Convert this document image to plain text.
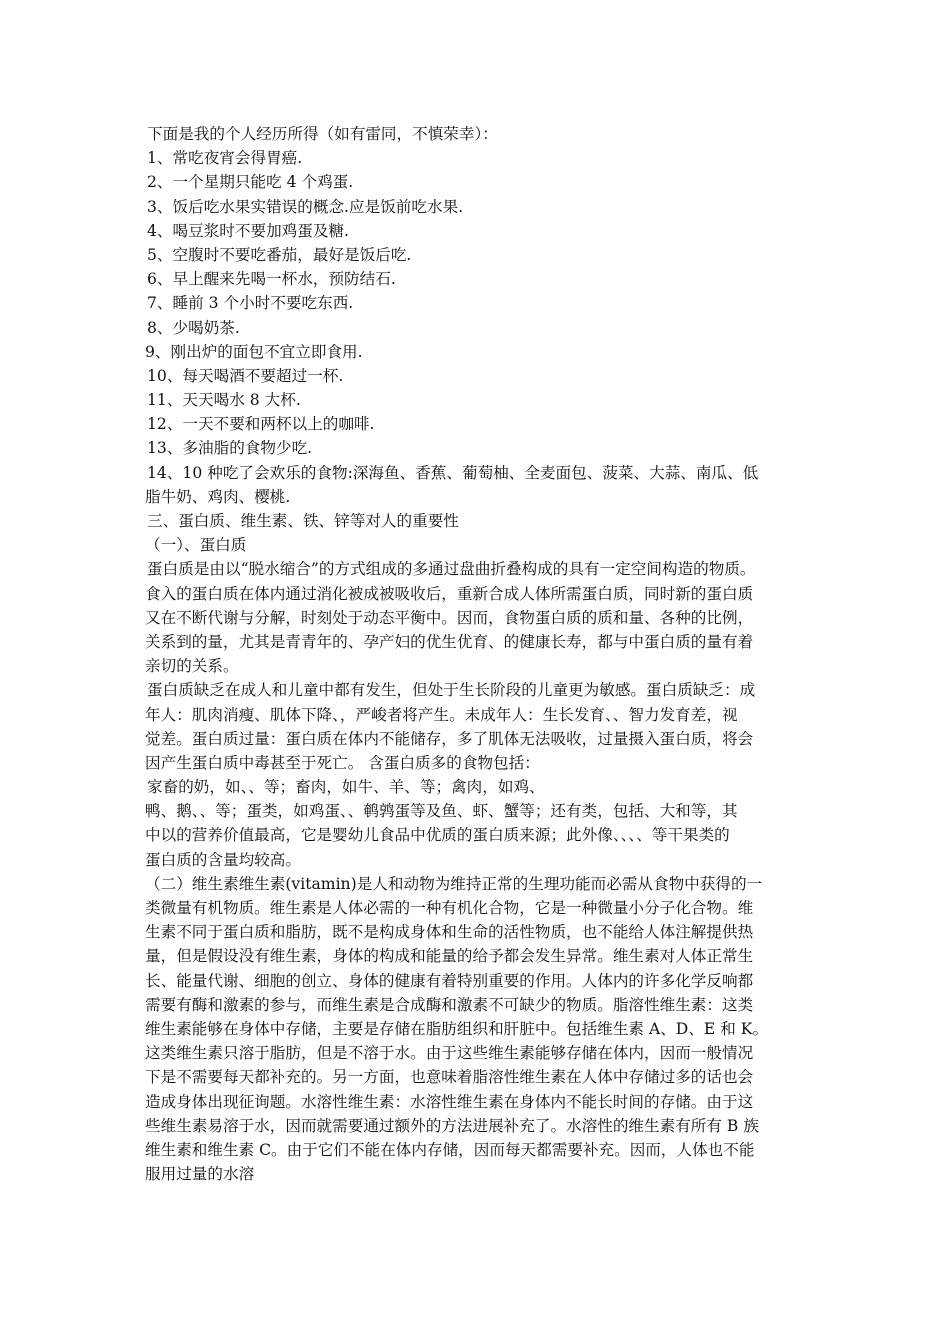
下面是我的个人经历所得（如有雷同，不慎荣幸）：
1、常吃夜宵会得胃癌.
2、一个星期只能吃 4 个鸡蛋.
3、饭后吃水果实错误的概念.应是饭前吃水果.
4、喝豆浆时不要加鸡蛋及糖.
5、空腹时不要吃番茄，最好是饭后吃.
6、早上醒来先喝一杯水，预防结石.
7、睡前 3 个小时不要吃东西.
8、少喝奶茶.
9、刚出炉的面包不宜立即食用.
10、每天喝酒不要超过一杯.
11、天天喝水 8 大杯.
12、一天不要和两杯以上的咖啡.
13、多油脂的食物少吃.
14、10 种吃了会欢乐的食物:深海鱼、香蕉、葡萄柚、全麦面包、菠菜、大蒜、南瓜、低
脂牛奶、鸡肉、樱桃.
三、蛋白质、维生素、铁、锌等对人的重要性
（一）、蛋白质
蛋白质是由以“脱水缩合”的方式组成的多通过盘曲折叠构成的具有一定空间构造的物质。
食入的蛋白质在体内通过消化被成被吸收后，重新合成人体所需蛋白质，同时新的蛋白质
又在不断代谢与分解，时刻处于动态平衡中。因而，食物蛋白质的质和量、各种的比例，
关系到的量，尤其是青青年的、孕产妇的优生优育、的健康长寿，都与中蛋白质的量有着
亲切的关系。
蛋白质缺乏在成人和儿童中都有发生，但处于生长阶段的儿童更为敏感。蛋白质缺乏：成
年人：肌肉消瘦、肌体下降、，严峻者将产生。未成年人：生长发育、、智力发育差，视
觉差。蛋白质过量：蛋白质在体内不能储存，多了肌体无法吸收，过量摄入蛋白质，将会
因产生蛋白质中毒甚至于死亡。 含蛋白质多的食物包括：
家畜的奶，如、、等；畜肉，如牛、羊、等；禽肉，如鸡、
鸭、鹅、、等；蛋类，如鸡蛋、、鹌鹑蛋等及鱼、虾、蟹等；还有类，包括、大和等，其
中以的营养价值最高，它是婴幼儿食品中优质的蛋白质来源；此外像、、、、等干果类的
蛋白质的含量均较高。
（二）维生素维生素(vitamin)是人和动物为维持正常的生理功能而必需从食物中获得的一
类微量有机物质。维生素是人体必需的一种有机化合物，它是一种微量小分子化合物。维
生素不同于蛋白质和脂肪，既不是构成身体和生命的活性物质，也不能给人体注解提供热
量，但是假设没有维生素，身体的构成和能量的给予都会发生异常。维生素对人体正常生
长、能量代谢、细胞的创立、身体的健康有着特别重要的作用。人体内的许多化学反响都
需要有酶和激素的参与，而维生素是合成酶和激素不可缺少的物质。脂溶性维生素：这类
维生素能够在身体中存储，主要是存储在脂肪组织和肝脏中。包括维生素 A、D、E 和 K。
这类维生素只溶于脂肪，但是不溶于水。由于这些维生素能够存储在体内，因而一般情况
下是不需要每天都补充的。另一方面，也意味着脂溶性维生素在人体中存储过多的话也会
造成身体出现征询题。水溶性维生素：水溶性维生素在身体内不能长时间的存储。由于这
些维生素易溶于水，因而就需要通过额外的方法进展补充了。水溶性的维生素有所有 B 族
维生素和维生素 C。由于它们不能在体内存储，因而每天都需要补充。因而，人体也不能
服用过量的水溶
